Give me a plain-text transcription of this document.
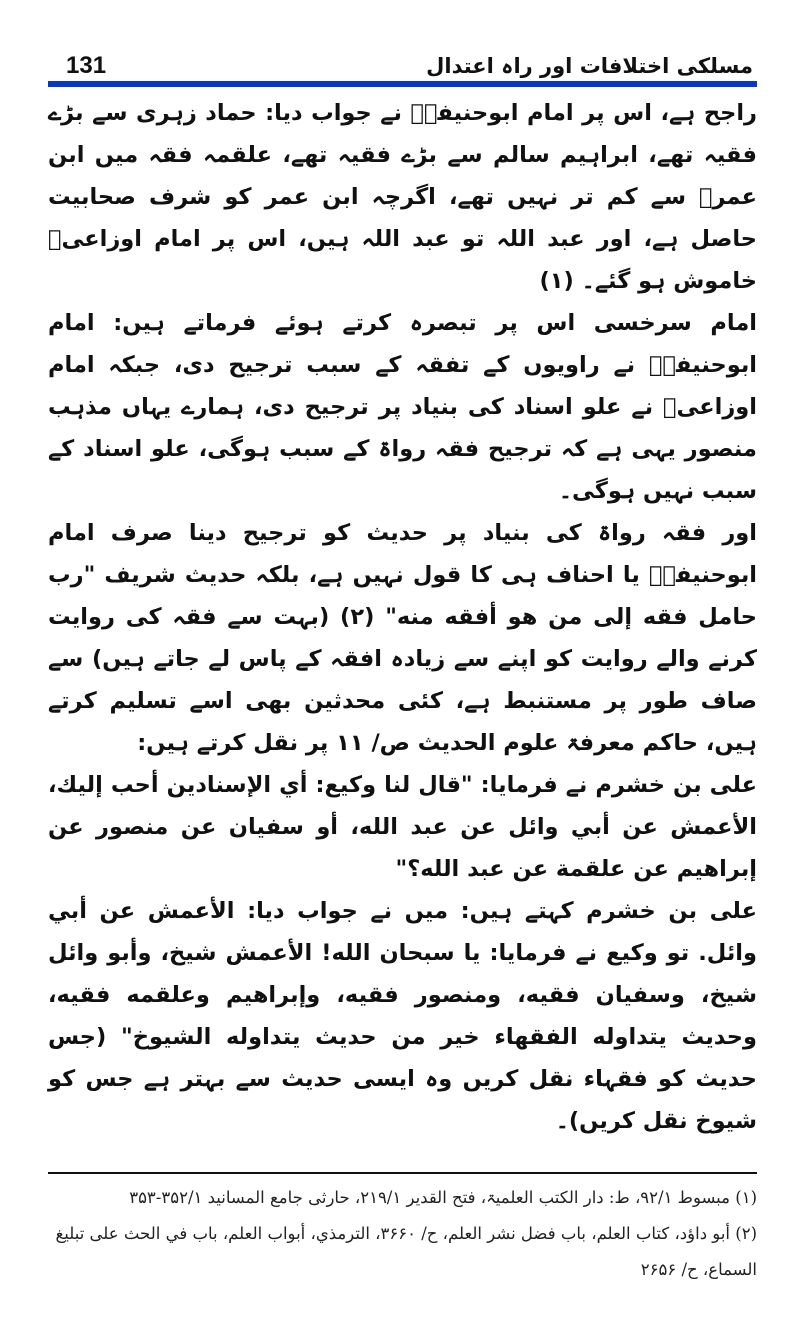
131	مسلکی اختلافات اور راہ اعتدال

راجح ہے، اس پر امام ابوحنیفہؒ نے جواب دیا: حماد زہری سے بڑے فقیہ تھے، ابراہیم سالم سے بڑے فقیہ تھے، علقمہ فقہ میں ابن عمرؓ سے کم تر نہیں تھے، اگرچہ ابن عمر کو شرف صحابیت حاصل ہے، اور عبد اللہ تو عبد اللہ ہیں، اس پر امام اوزاعیؒ خاموش ہو گئے۔ (۱)

امام سرخسی اس پر تبصرہ کرتے ہوئے فرماتے ہیں: امام ابوحنیفہؒ نے راویوں کے تفقہ کے سبب ترجیح دی، جبکہ امام اوزاعیؒ نے علو اسناد کی بنیاد پر ترجیح دی، ہمارے یہاں مذہب منصور یہی ہے کہ ترجیح فقہ رواۃ کے سبب ہوگی، علو اسناد کے سبب نہیں ہوگی۔

اور فقہ رواۃ کی بنیاد پر حدیث کو ترجیح دینا صرف امام ابوحنیفہؒ یا احناف ہی کا قول نہیں ہے، بلکہ حدیث شریف "رب حامل فقه إلى من هو أفقه منه" (۲) (بہت سے فقہ کی روایت کرنے والے روایت کو اپنے سے زیادہ افقہ کے پاس لے جاتے ہیں) سے صاف طور پر مستنبط ہے، کئی محدثین بھی اسے تسلیم کرتے ہیں، حاکم معرفۃ علوم الحدیث ص/ ۱۱ پر نقل کرتے ہیں:

علی بن خشرم نے فرمایا: "قال لنا وكيع: أي الإسنادين أحب إليك، الأعمش عن أبي وائل عن عبد الله، أو سفيان عن منصور عن إبراهيم عن علقمة عن عبد الله؟"

علی بن خشرم کہتے ہیں: میں نے جواب دیا: الأعمش عن أبي وائل. تو وکیع نے فرمایا: يا سبحان الله! الأعمش شيخ، وأبو وائل شيخ، وسفيان فقيه، ومنصور فقيه، وإبراهيم وعلقمه فقيه، وحديث يتداوله الفقهاء خير من حديث يتداوله الشيوخ" (جس حدیث کو فقہاء نقل کریں وہ ایسی حدیث سے بہتر ہے جس کو شیوخ نقل کریں)۔

(۱) مبسوط ۹۲/۱، ط: دار الکتب العلمیۃ، فتح القدیر ۲۱۹/۱، حارثی جامع المسانید ۳۵۲/۱-۳۵۳

(۲) أبو داؤد، كتاب العلم، باب فضل نشر العلم، ح/ ۳۶۶۰، الترمذي، أبواب العلم، باب في الحث على تبليغ السماع، ح/ ۲۶۵۶
